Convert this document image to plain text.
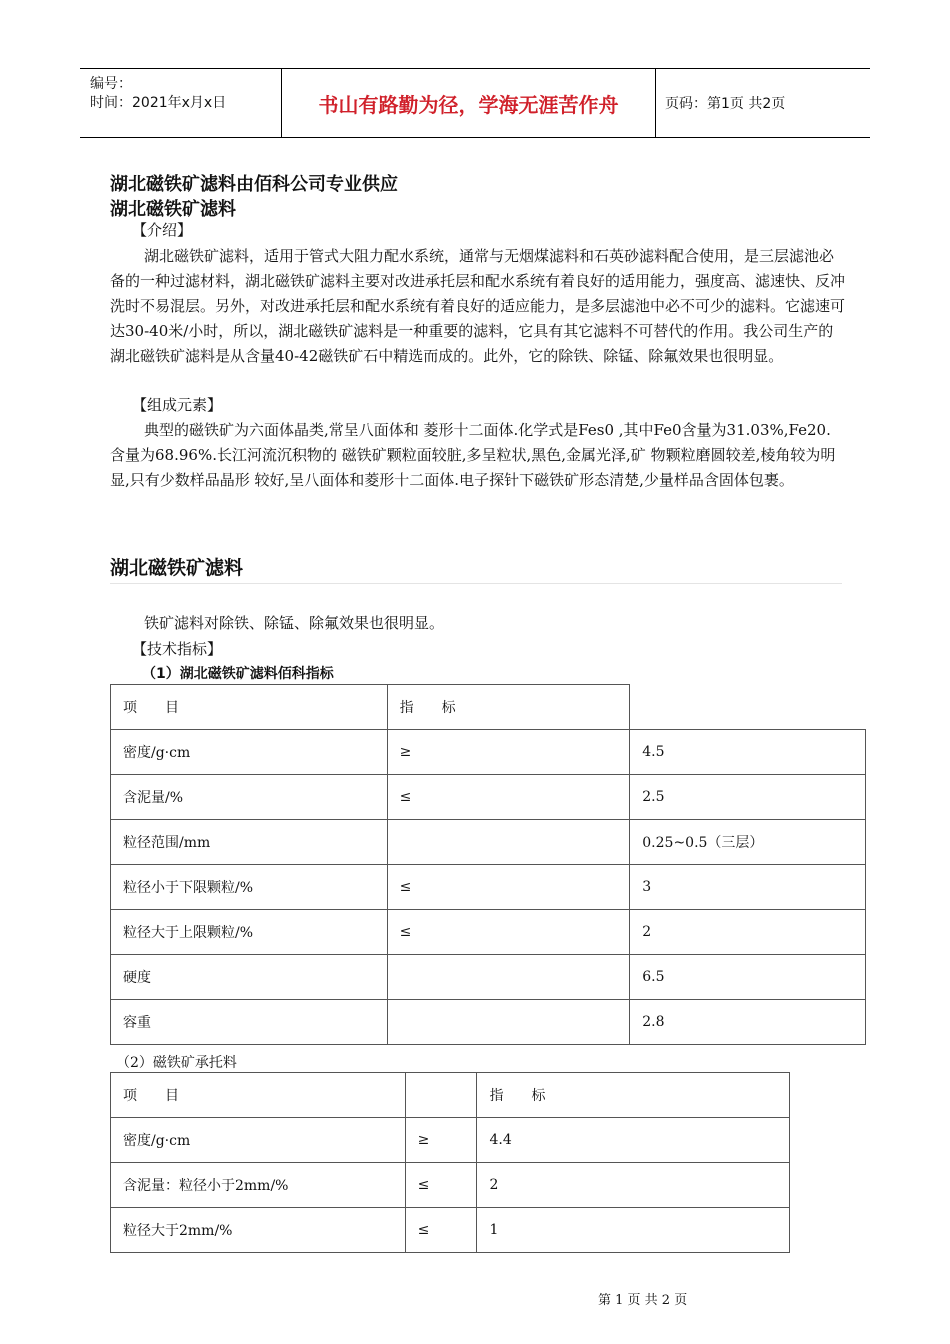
编号：
时间：2021年x月x日	书山有路勤为径，学海无涯苦作舟	页码：第1页 共2页
湖北磁铁矿滤料由佰科公司专业供应
湖北磁铁矿滤料
【介绍】
湖北磁铁矿滤料，适用于管式大阻力配水系统，通常与无烟煤滤料和石英砂滤料配合使用，是三层滤池必备的一种过滤材料，湖北磁铁矿滤料主要对改进承托层和配水系统有着良好的适用能力，强度高、滤速快、反冲洗时不易混层。另外，对改进承托层和配水系统有着良好的适应能力，是多层滤池中必不可少的滤料。它滤速可达30-40米/小时，所以，湖北磁铁矿滤料是一种重要的滤料，它具有其它滤料不可替代的作用。我公司生产的湖北磁铁矿滤料是从含量40-42磁铁矿石中精选而成的。此外，它的除铁、除锰、除氟效果也很明显。
【组成元素】
典型的磁铁矿为六面体晶类,常呈八面体和 菱形十二面体.化学式是Fes0 ,其中Fe0含量为31.03%,Fe20.含量为68.96%.长江河流沉积物的 磁铁矿颗粒面较脏,多呈粒状,黑色,金属光泽,矿 物颗粒磨圆较差,棱角较为明显,只有少数样品晶形 较好,呈八面体和菱形十二面体.电子探针下磁铁矿形态清楚,少量样品含固体包裹。
湖北磁铁矿滤料
铁矿滤料对除铁、除锰、除氟效果也很明显。
【技术指标】
（1）湖北磁铁矿滤料佰科指标
项　　目	指　　标	
密度/g·cm	≥	4.5
含泥量/%	≤	2.5
粒径范围/mm		0.25~0.5（三层）
粒径小于下限颗粒/%	≤	3
粒径大于上限颗粒/%	≤	2
硬度		6.5
容重		2.8
（2）磁铁矿承托料
项　　目		指　　标
密度/g·cm	≥	4.4
含泥量：粒径小于2mm/%	≤	2
粒径大于2mm/%	≤	1
第 1 页 共 2 页
